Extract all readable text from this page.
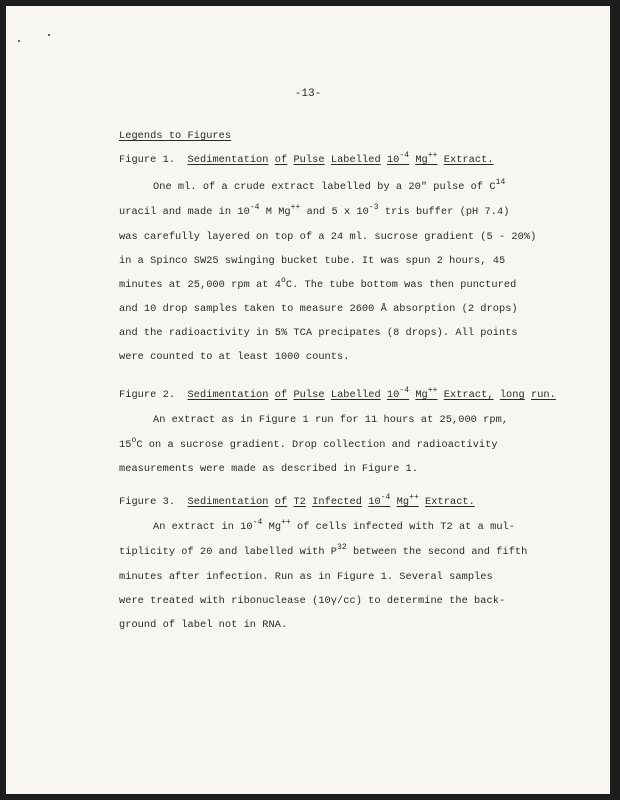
-13-
Legends to Figures
Figure 1. Sedimentation of Pulse Labelled $10^{-4}$ Mg++ Extract.
One ml. of a crude extract labelled by a 20" pulse of $C^{14}$
uracil and made in $10^{-4}$ M Mg++ and 5 x $10^{-3}$ tris buffer (pH 7.4)
was carefully layered on top of a 24 ml. sucrose gradient (5 - 20%)
in a Spinco SW25 swinging bucket tube. It was spun 2 hours, 45
minutes at 25,000 rpm at 4$^o$C. The tube bottom was then punctured
and 10 drop samples taken to measure 2600 Å absorption (2 drops)
and the radioactivity in 5% TCA precipates (8 drops). All points
were counted to at least 1000 counts.
Figure 2. Sedimentation of Pulse Labelled $10^{-4}$ Mg++ Extract, long run.
An extract as in Figure 1 run for 11 hours at 25,000 rpm,
15$^o$C on a sucrose gradient. Drop collection and radioactivity
measurements were made as described in Figure 1.
Figure 3. Sedimentation of T2 Infected $10^{-4}$ Mg++ Extract.
An extract in $10^{-4}$ Mg++ of cells infected with T2 at a mul-
tiplicity of 20 and labelled with $P^{32}$ between the second and fifth
minutes after infection. Run as in Figure 1. Several samples
were treated with ribonuclease (10γ/cc) to determine the back-
ground of label not in RNA.
